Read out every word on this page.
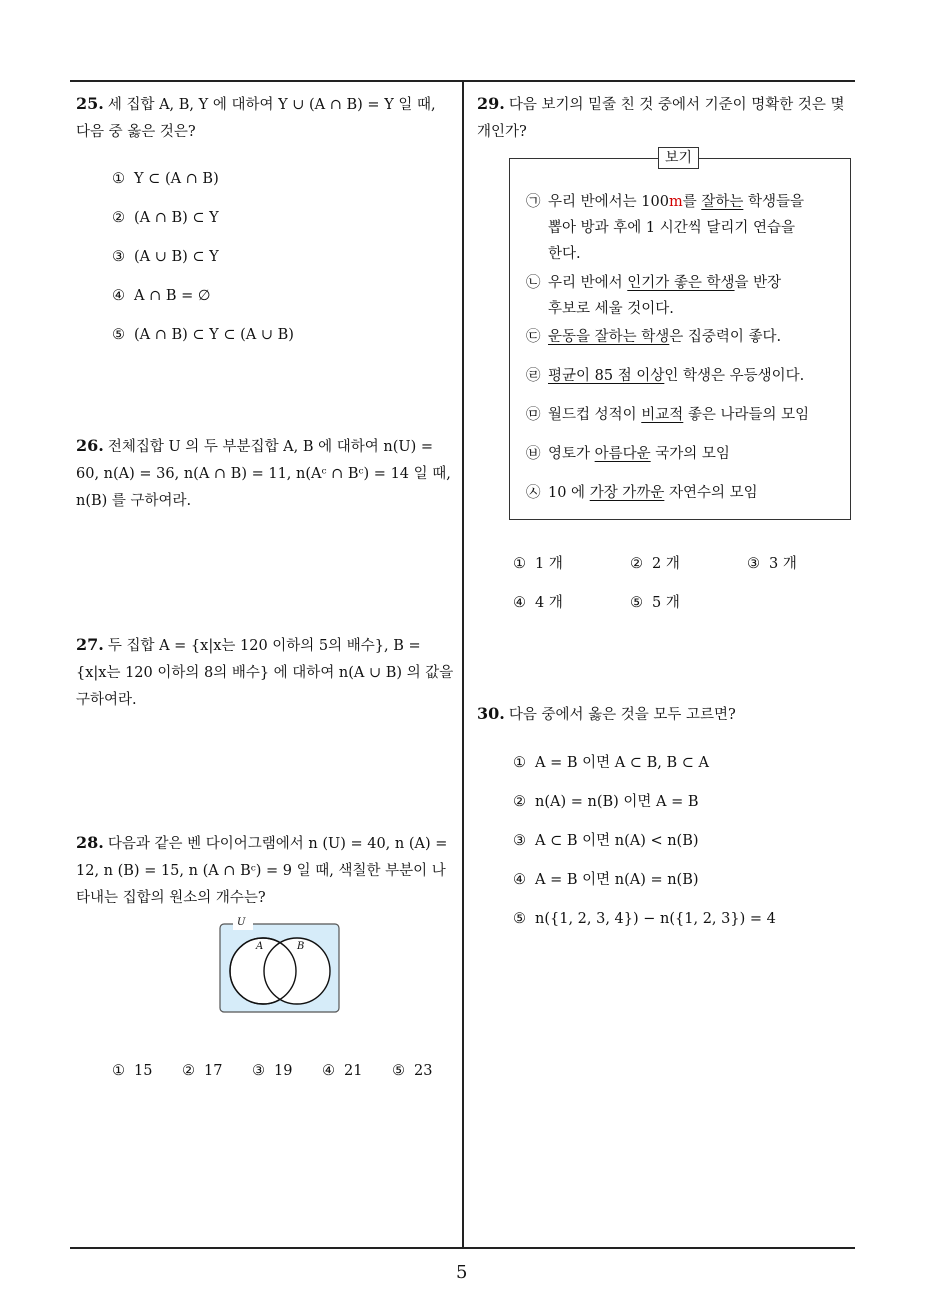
5
25. 세 집합 A, B, Y 에 대하여 Y ∪ (A ∩ B) = Y 일 때, 다음 중 옳은 것은?
① Y ⊂ (A ∩ B)
② (A ∩ B) ⊂ Y
③ (A ∪ B) ⊂ Y
④ A ∩ B = ∅
⑤ (A ∩ B) ⊂ Y ⊂ (A ∪ B)
26. 전체집합 U 의 두 부분집합 A, B 에 대하여 n(U) = 60, n(A) = 36, n(A ∩ B) = 11, n(Aᶜ ∩ Bᶜ) = 14 일 때, n(B) 를 구하여라.
27. 두 집합 A = {x|x는 120 이하의 5의 배수}, B = {x|x는 120 이하의 8의 배수} 에 대하여 n(A ∪ B) 의 값을 구하여라.
28. 다음과 같은 벤 다이어그램에서 n (U) = 40, n (A) = 12, n (B) = 15, n (A ∩ Bᶜ) = 9 일 때, 색칠한 부분이 나타내는 집합의 원소의 개수는?
U
A	B
① 15 ② 17 ③ 19 ④ 21 ⑤ 23
29. 다음 보기의 밑줄 친 것 중에서 기준이 명확한 것은 몇 개인가?
보기
㉠ 우리 반에서는 100m를 잘하는 학생들을
뽑아 방과 후에 1 시간씩 달리기 연습을
한다.
㉡ 우리 반에서 인기가 좋은 학생을 반장
후보로 세울 것이다.
㉢ 운동을 잘하는 학생은 집중력이 좋다.
㉣ 평균이 85 점 이상인 학생은 우등생이다.
㉤ 월드컵 성적이 비교적 좋은 나라들의 모임
㉥ 영토가 아름다운 국가의 모임
㉦ 10 에 가장 가까운 자연수의 모임
① 1 개	② 2 개	③ 3 개
④ 4 개	⑤ 5 개
30. 다음 중에서 옳은 것을 모두 고르면?
① A = B 이면 A ⊂ B, B ⊂ A
② n(A) = n(B) 이면 A = B
③ A ⊂ B 이면 n(A) < n(B)
④ A = B 이면 n(A) = n(B)
⑤ n({1, 2, 3, 4}) − n({1, 2, 3}) = 4
